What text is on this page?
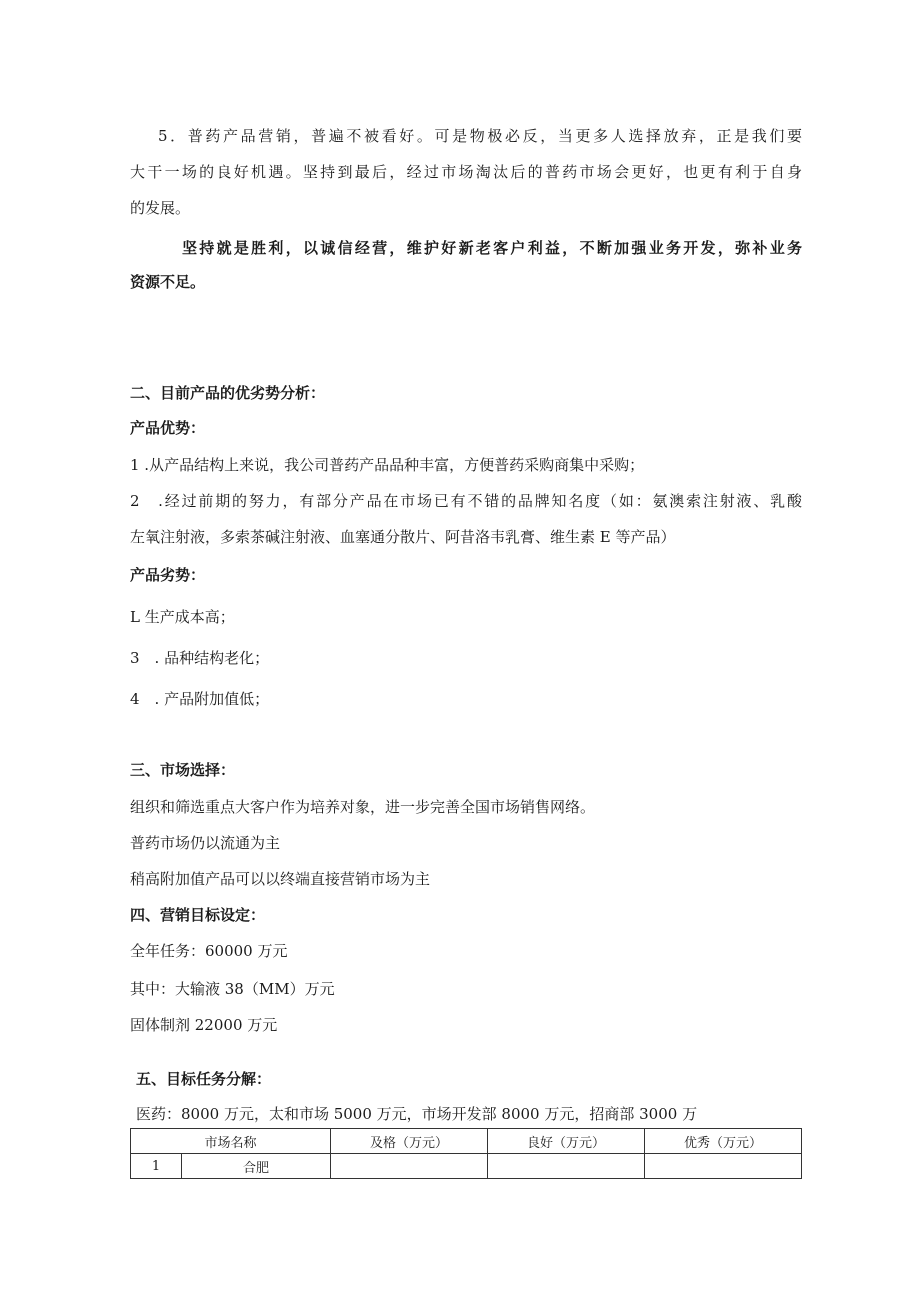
5．普药产品营销，普遍不被看好。可是物极必反，当更多人选择放弃，正是我们要
大干一场的良好机遇。坚持到最后，经过市场淘汰后的普药市场会更好，也更有利于自身
的发展。
坚持就是胜利，以诚信经营，维护好新老客户利益，不断加强业务开发，弥补业务
资源不足。
二、目前产品的优劣势分析：
产品优势：
1 .从产品结构上来说，我公司普药产品品种丰富，方便普药采购商集中采购；
2　.经过前期的努力，有部分产品在市场已有不错的品牌知名度（如：氨澳索注射液、乳酸
左氧注射液，多索茶碱注射液、血塞通分散片、阿昔洛韦乳膏、维生素 E 等产品）
产品劣势：
L 生产成本高；
3　. 品种结构老化；
4　. 产品附加值低；
三、市场选择：
组织和筛选重点大客户作为培养对象，进一步完善全国市场销售网络。
普药市场仍以流通为主
稍高附加值产品可以以终端直接营销市场为主
四、营销目标设定：
全年任务：60000 万元
其中：大输液 38（MM）万元
固体制剂 22000 万元
五、目标任务分解：
医药：8000 万元，太和市场 5000 万元，市场开发部 8000 万元，招商部 3000 万
市场名称		及格（万元）	良好（万元）	优秀（万元）
1	合肥			
